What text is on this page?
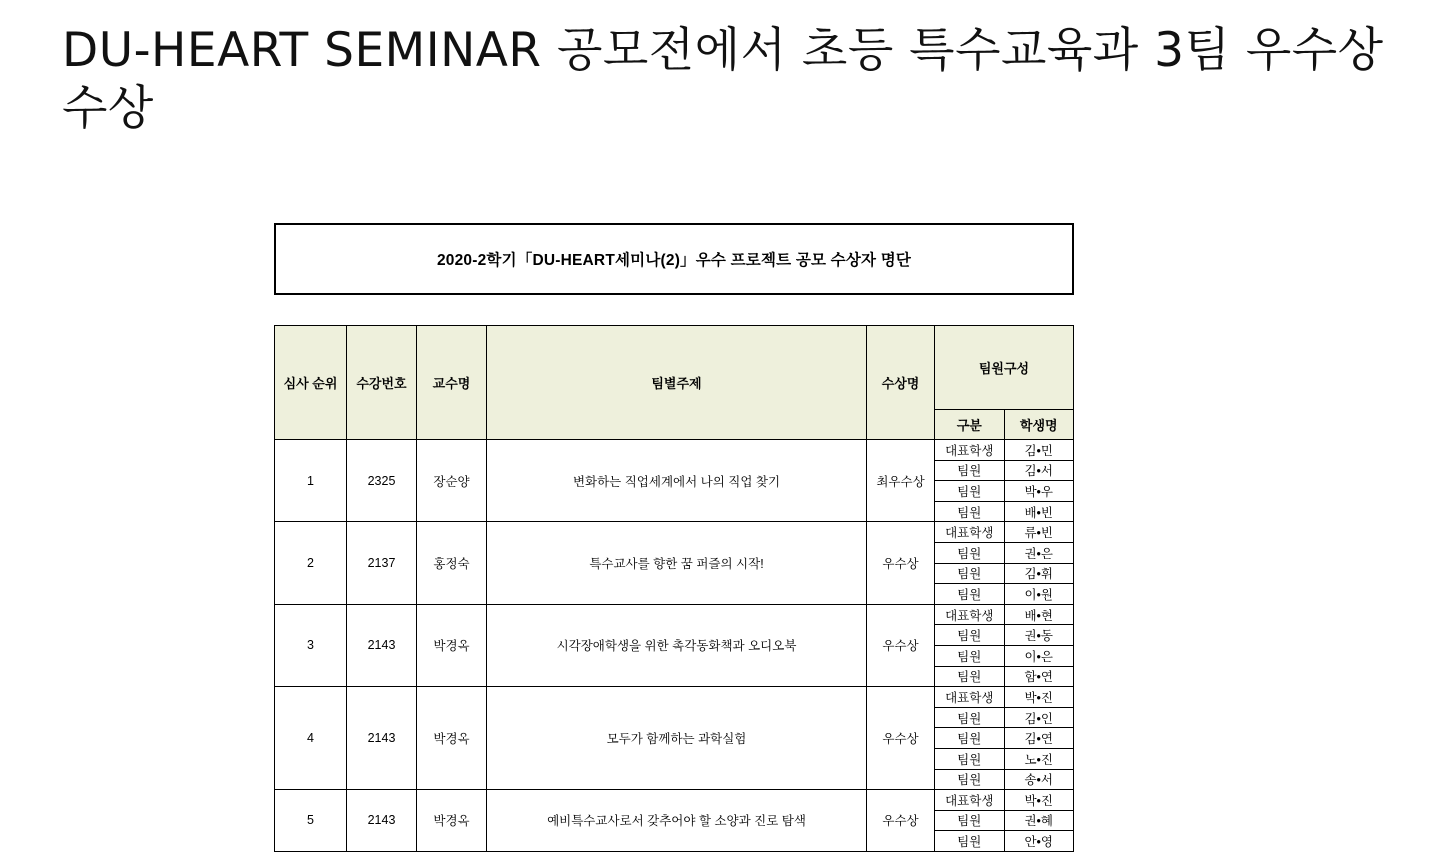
DU-HEART SEMINAR 공모전에서 초등 특수교육과 3팀 우수상 수상
2020-2학기「DU-HEART세미나(2)」우수 프로젝트 공모 수상자 명단
심사 순위	수강번호	교수명	팀별주제	수상명	팀원구성	
					구분	학생명
1	2325	장순양	변화하는 직업세계에서 나의 직업 찾기	최우수상	대표학생	김•민
					팀원	김•서
					팀원	박•우
					팀원	배•빈
2	2137	홍정숙	특수교사를 향한 꿈 퍼즐의 시작!	우수상	대표학생	류•빈
					팀원	권•은
					팀원	김•휘
					팀원	이•원
3	2143	박경옥	시각장애학생을 위한 촉각동화책과 오디오북	우수상	대표학생	배•현
					팀원	권•동
					팀원	이•은
					팀원	함•연
4	2143	박경옥	모두가 함께하는 과학실험	우수상	대표학생	박•진
					팀원	김•인
					팀원	김•연
					팀원	노•진
					팀원	송•서
5	2143	박경옥	예비특수교사로서 갖추어야 할 소양과 진로 탐색	우수상	대표학생	박•진
					팀원	권•혜
					팀원	안•영
